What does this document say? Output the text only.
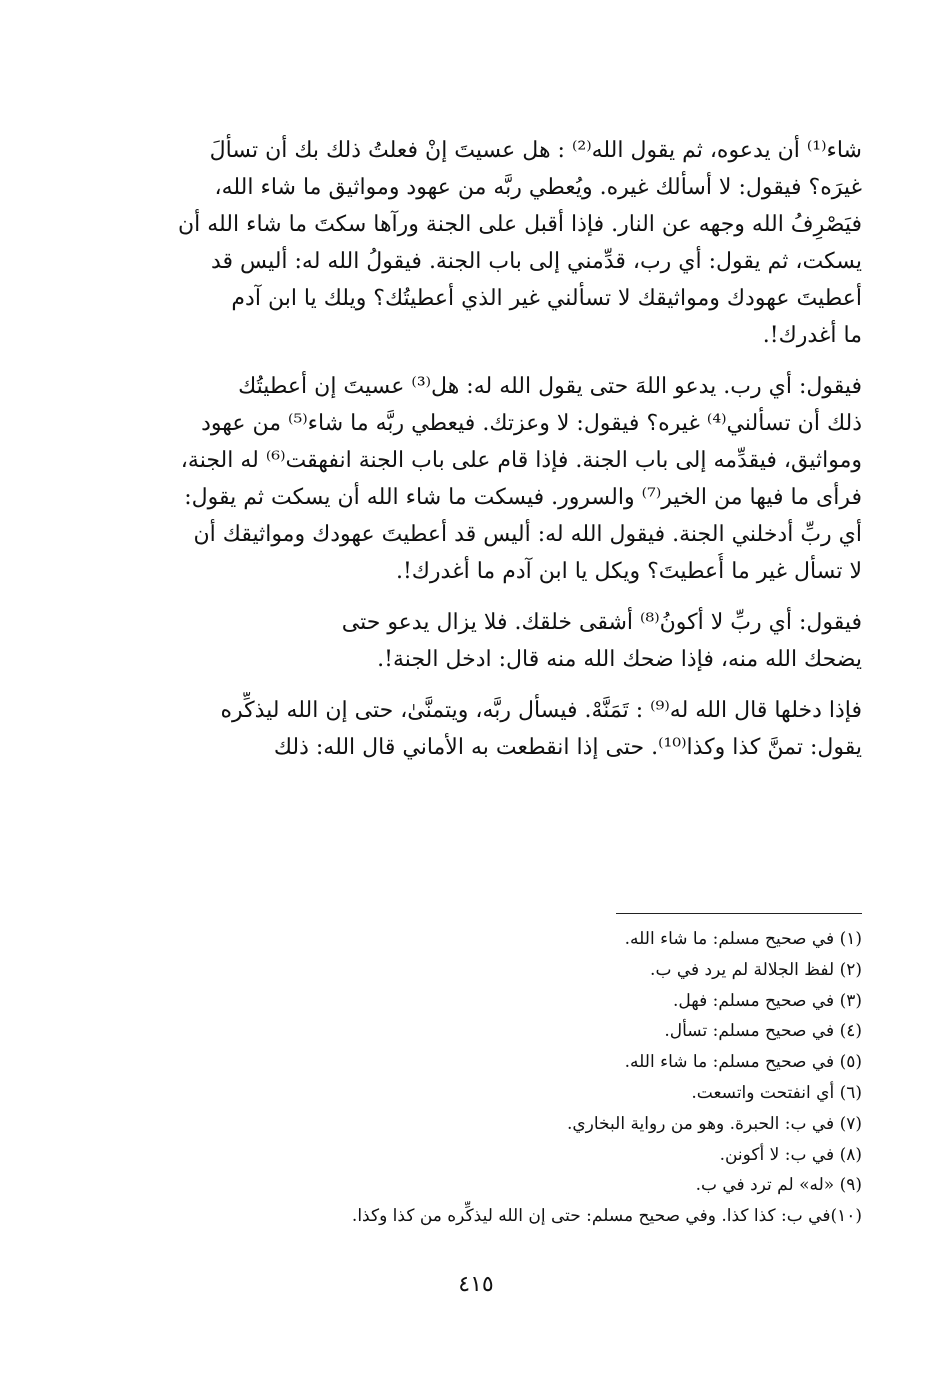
شاء⁽¹⁾ أن يدعوه، ثم يقول الله⁽²⁾ : هل عسيتَ إنْ فعلتُ ذلك بك أن تسألَ
غيرَه؟ فيقول: لا أسألك غيره. ويُعطي ربَّه من عهود ومواثيق ما شاء الله،
فيَصْرِفُ الله وجهه عن النار. فإذا أقبل على الجنة ورآها سكتَ ما شاء الله أن
يسكت، ثم يقول: أي رب، قدِّمني إلى باب الجنة. فيقولُ الله له: أليس قد
أعطيتَ عهودك ومواثيقك لا تسألني غير الذي أعطيتُك؟ ويلك يا ابن آدم
ما أغدرك!.
فيقول: أي رب. يدعو اللهَ حتى يقول الله له: هل⁽³⁾ عسيتَ إن أعطيتُك
ذلك أن تسألني⁽⁴⁾ غيره؟ فيقول: لا وعزتك. فيعطي ربَّه ما شاء⁽⁵⁾ من عهود
ومواثيق، فيقدِّمه إلى باب الجنة. فإذا قام على باب الجنة انفهقت⁽⁶⁾ له الجنة،
فرأى ما فيها من الخير⁽⁷⁾ والسرور. فيسكت ما شاء الله أن يسكت ثم يقول:
أي ربِّ أدخلني الجنة. فيقول الله له: أليس قد أعطيتَ عهودك ومواثيقك أن
لا تسأل غير ما أُعطيتَ؟ ويكل يا ابن آدم ما أغدرك!.
فيقول: أي ربِّ لا أكونُ⁽⁸⁾ أشقى خلقك. فلا يزال يدعو حتى
يضحك الله منه، فإذا ضحك الله منه قال: ادخل الجنة!.
فإذا دخلها قال الله له⁽⁹⁾ : تَمَنَّهْ. فيسأل ربَّه، ويتمنَّىٰ، حتى إن الله ليذكِّره
يقول: تمنَّ كذا وكذا⁽¹⁰⁾. حتى إذا انقطعت به الأماني قال الله: ذلك
(١) في صحيح مسلم: ما شاء الله.
(٢) لفظ الجلالة لم يرد في ب.
(٣) في صحيح مسلم: فهل.
(٤) في صحيح مسلم: تسأل.
(٥) في صحيح مسلم: ما شاء الله.
(٦) أي انفتحت واتسعت.
(٧) في ب: الحبرة. وهو من رواية البخاري.
(٨) في ب: لا أكونن.
(٩) «له» لم ترد في ب.
(١٠)في ب: كذا كذا. وفي صحيح مسلم: حتى إن الله ليذكِّره من كذا وكذا.
٤١٥
